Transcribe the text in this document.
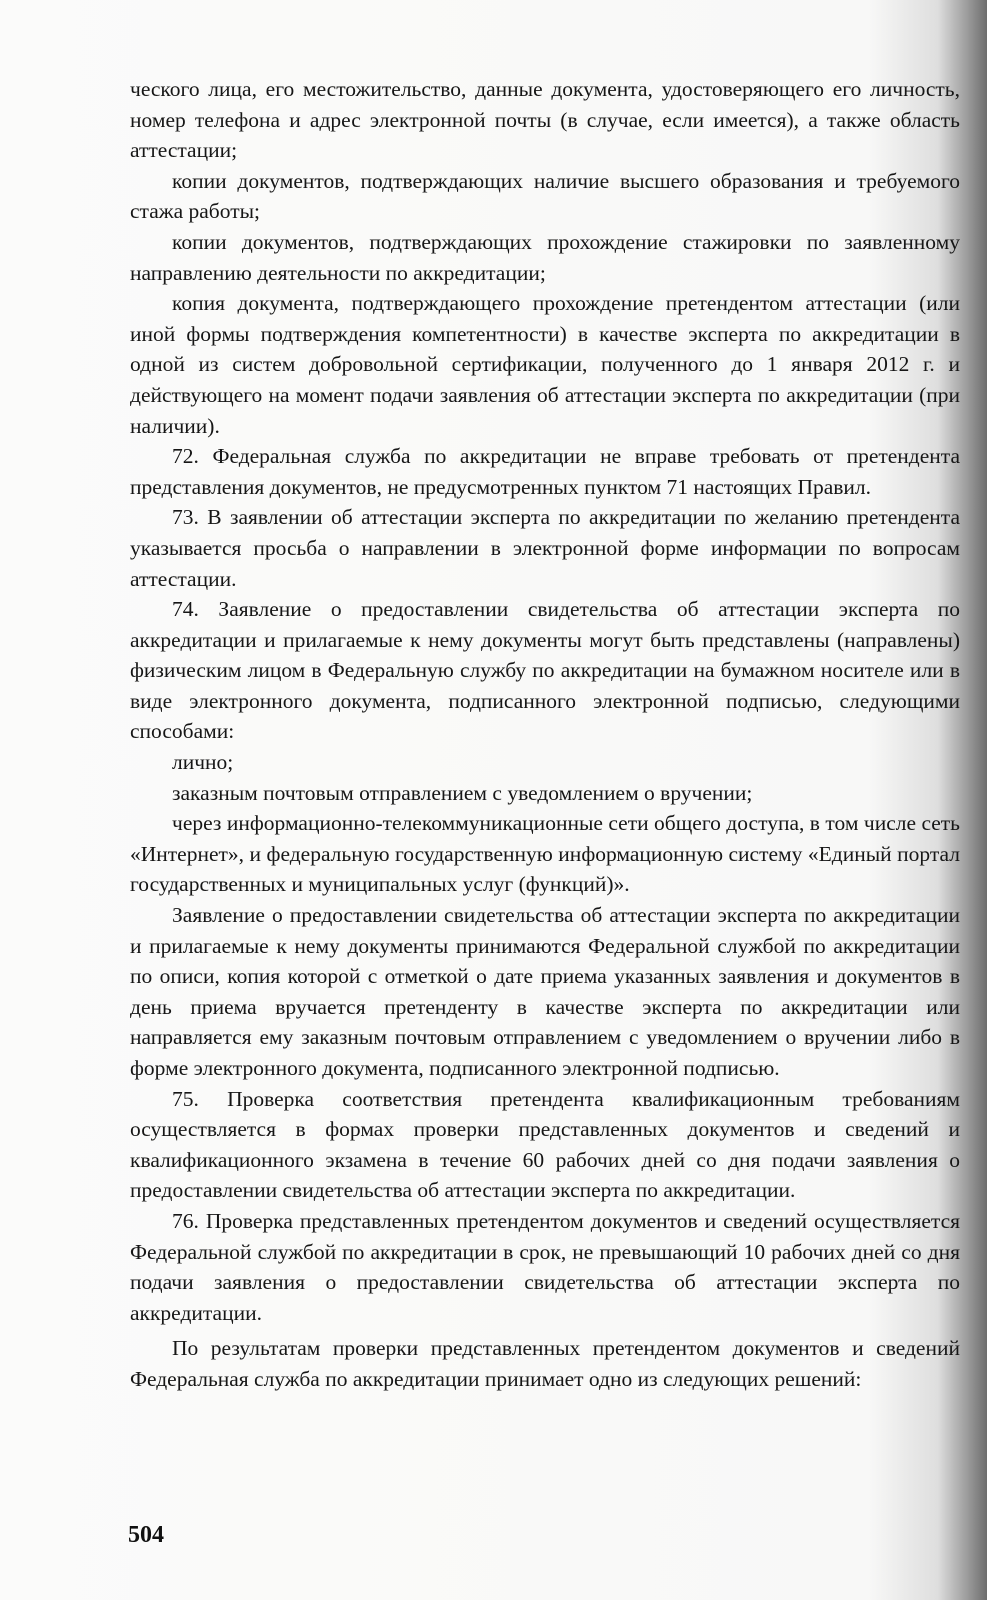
ческого лица, его местожительство, данные документа, удостоверяющего его личность, номер телефона и адрес электронной почты (в случае, если имеется), а также область аттестации;

копии документов, подтверждающих наличие высшего образования и требуемого стажа работы;

копии документов, подтверждающих прохождение стажировки по заявленному направлению деятельности по аккредитации;

копия документа, подтверждающего прохождение претендентом аттестации (или иной формы подтверждения компетентности) в качестве эксперта по аккредитации в одной из систем добровольной сертификации, полученного до 1 января 2012 г. и действующего на момент подачи заявления об аттестации эксперта по аккредитации (при наличии).

72. Федеральная служба по аккредитации не вправе требовать от претендента представления документов, не предусмотренных пунктом 71 настоящих Правил.

73. В заявлении об аттестации эксперта по аккредитации по желанию претендента указывается просьба о направлении в электронной форме информации по вопросам аттестации.

74. Заявление о предоставлении свидетельства об аттестации эксперта по аккредитации и прилагаемые к нему документы могут быть представлены (направлены) физическим лицом в Федеральную службу по аккредитации на бумажном носителе или в виде электронного документа, подписанного электронной подписью, следующими способами:

лично;

заказным почтовым отправлением с уведомлением о вручении;

через информационно-телекоммуникационные сети общего доступа, в том числе сеть «Интернет», и федеральную государственную информационную систему «Единый портал государственных и муниципальных услуг (функций)».

Заявление о предоставлении свидетельства об аттестации эксперта по аккредитации и прилагаемые к нему документы принимаются Федеральной службой по аккредитации по описи, копия которой с отметкой о дате приема указанных заявления и документов в день приема вручается претенденту в качестве эксперта по аккредитации или направляется ему заказным почтовым отправлением с уведомлением о вручении либо в форме электронного документа, подписанного электронной подписью.

75. Проверка соответствия претендента квалификационным требованиям осуществляется в формах проверки представленных документов и сведений и квалификационного экзамена в течение 60 рабочих дней со дня подачи заявления о предоставлении свидетельства об аттестации эксперта по аккредитации.

76. Проверка представленных претендентом документов и сведений осуществляется Федеральной службой по аккредитации в срок, не превышающий 10 рабочих дней со дня подачи заявления о предоставлении свидетельства об аттестации эксперта по аккредитации.

По результатам проверки представленных претендентом документов и сведений Федеральная служба по аккредитации принимает одно из следующих решений:

504
